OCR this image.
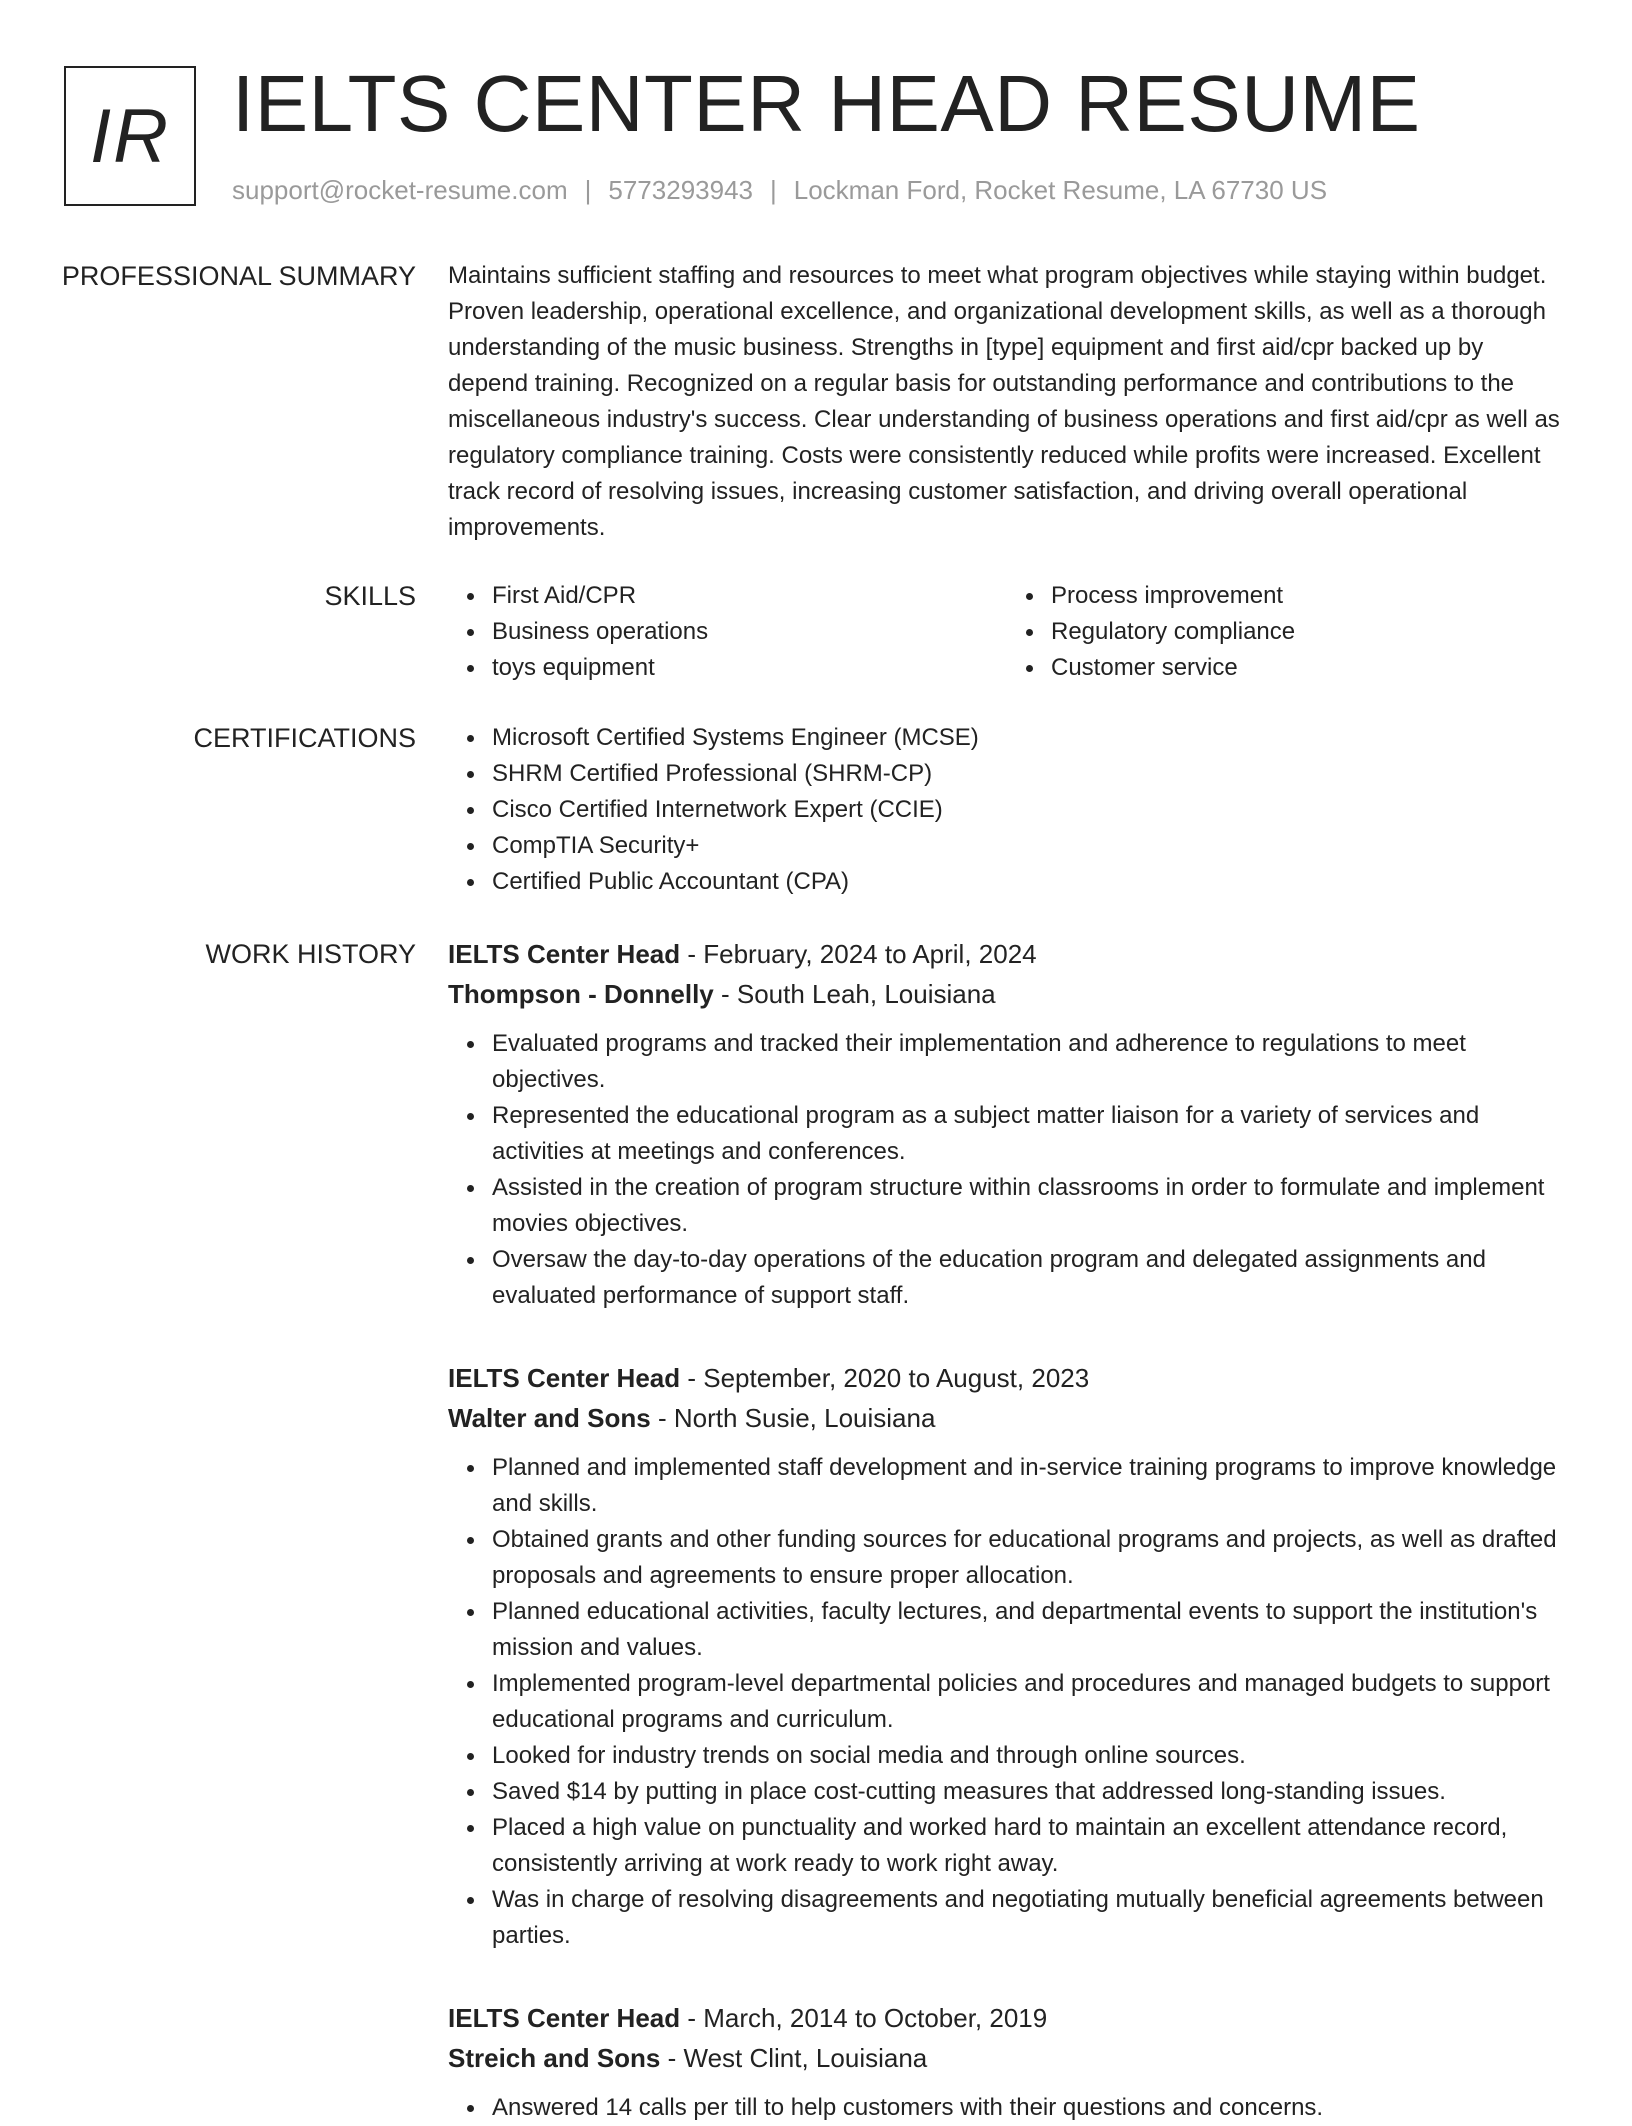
IR IELTS CENTER HEAD RESUME
support@rocket-resume.com | 5773293943 | Lockman Ford, Rocket Resume, LA 67730 US
PROFESSIONAL SUMMARY Maintains sufficient staffing and resources to meet what program objectives while staying within budget. Proven leadership, operational excellence, and organizational development skills, as well as a thorough understanding of the music business. Strengths in [type] equipment and first aid/cpr backed up by depend training. Recognized on a regular basis for outstanding performance and contributions to the miscellaneous industry's success. Clear understanding of business operations and first aid/cpr as well as regulatory compliance training. Costs were consistently reduced while profits were increased. Excellent track record of resolving issues, increasing customer satisfaction, and driving overall operational improvements.

SKILLS	First Aid/CPR
Business operations
toys equipment
Process improvement
Regulatory compliance
Customer service
CERTIFICATIONS	Microsoft Certified Systems Engineer (MCSE)
SHRM Certified Professional (SHRM-CP)
Cisco Certified Internetwork Expert (CCIE)
CompTIA Security+
Certified Public Accountant (CPA)
WORK HISTORY IELTS Center Head - February, 2024 to April, 2024
Thompson - Donnelly - South Leah, Louisiana
Evaluated programs and tracked their implementation and adherence to regulations to meet objectives.
Represented the educational program as a subject matter liaison for a variety of services and activities at meetings and conferences.
Assisted in the creation of program structure within classrooms in order to formulate and implement movies objectives.
Oversaw the day-to-day operations of the education program and delegated assignments and evaluated performance of support staff.
IELTS Center Head - September, 2020 to August, 2023
Walter and Sons - North Susie, Louisiana
Planned and implemented staff development and in-service training programs to improve knowledge and skills.
Obtained grants and other funding sources for educational programs and projects, as well as drafted proposals and agreements to ensure proper allocation.
Planned educational activities, faculty lectures, and departmental events to support the institution's mission and values.
Implemented program-level departmental policies and procedures and managed budgets to support educational programs and curriculum.
Looked for industry trends on social media and through online sources.
Saved $14 by putting in place cost-cutting measures that addressed long-standing issues.
Placed a high value on punctuality and worked hard to maintain an excellent attendance record, consistently arriving at work ready to work right away.
Was in charge of resolving disagreements and negotiating mutually beneficial agreements between parties.
IELTS Center Head - March, 2014 to October, 2019
Streich and Sons - West Clint, Louisiana
Answered 14 calls per till to help customers with their questions and concerns.
